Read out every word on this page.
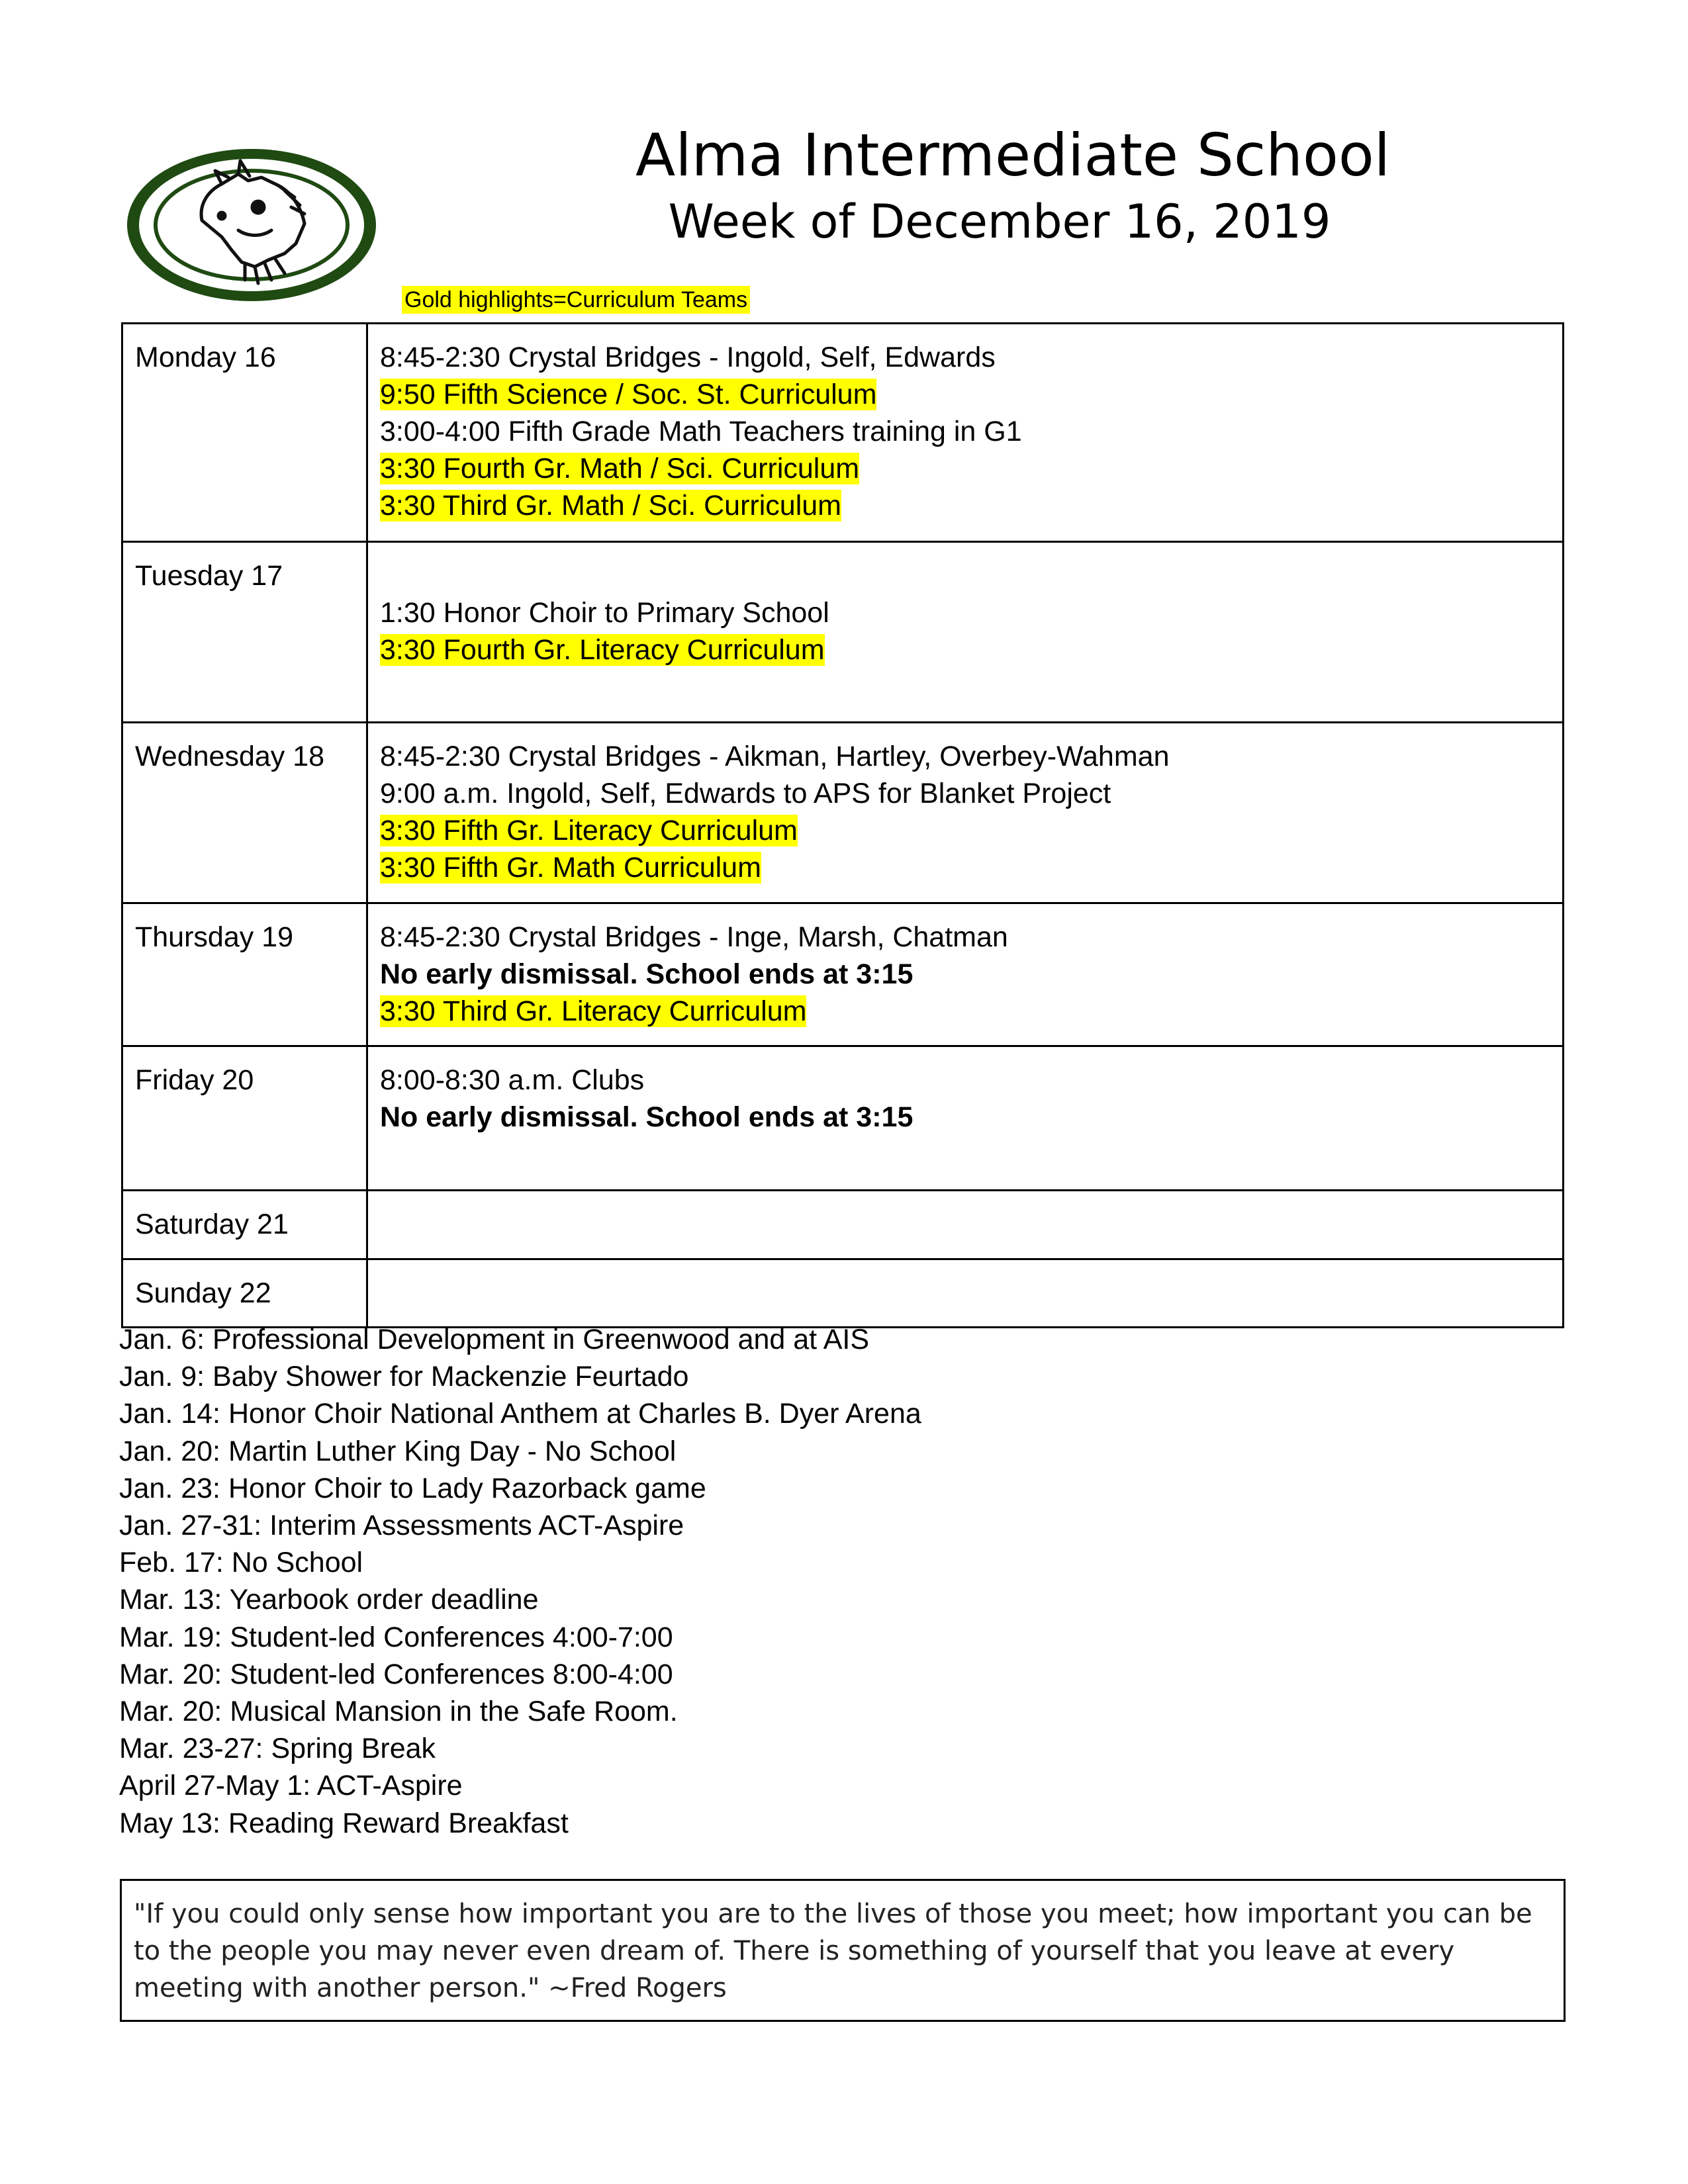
Alma Intermediate School
Week of December 16, 2019
Gold highlights=Curriculum Teams
Monday 16	8:45-2:30 Crystal Bridges - Ingold, Self, Edwards
9:50 Fifth Science / Soc. St. Curriculum
3:00-4:00 Fifth Grade Math Teachers training in G1
3:30 Fourth Gr. Math / Sci. Curriculum
3:30 Third Gr. Math / Sci. Curriculum

Tuesday 17	1:30 Honor Choir to Primary School
3:30 Fourth Gr. Literacy Curriculum

Wednesday 18	8:45-2:30 Crystal Bridges - Aikman, Hartley, Overbey-Wahman
9:00 a.m. Ingold, Self, Edwards to APS for Blanket Project
3:30 Fifth Gr. Literacy Curriculum
3:30 Fifth Gr. Math Curriculum

Thursday 19	8:45-2:30 Crystal Bridges - Inge, Marsh, Chatman
No early dismissal. School ends at 3:15
3:30 Third Gr. Literacy Curriculum

Friday 20	8:00-8:30 a.m. Clubs
No early dismissal. School ends at 3:15

Saturday 21	
Sunday 22	
Jan. 6: Professional Development in Greenwood and at AIS
Jan. 9: Baby Shower for Mackenzie Feurtado
Jan. 14: Honor Choir National Anthem at Charles B. Dyer Arena
Jan. 20: Martin Luther King Day - No School
Jan. 23: Honor Choir to Lady Razorback game
Jan. 27-31: Interim Assessments ACT-Aspire
Feb. 17: No School
Mar. 13: Yearbook order deadline
Mar. 19: Student-led Conferences 4:00-7:00
Mar. 20: Student-led Conferences 8:00-4:00
Mar. 20: Musical Mansion in the Safe Room.
Mar. 23-27: Spring Break
April 27-May 1: ACT-Aspire
May 13: Reading Reward Breakfast
"If you could only sense how important you are to the lives of those you meet; how important you can be to the people you may never even dream of. There is something of yourself that you leave at every meeting with another person." ~Fred Rogers
